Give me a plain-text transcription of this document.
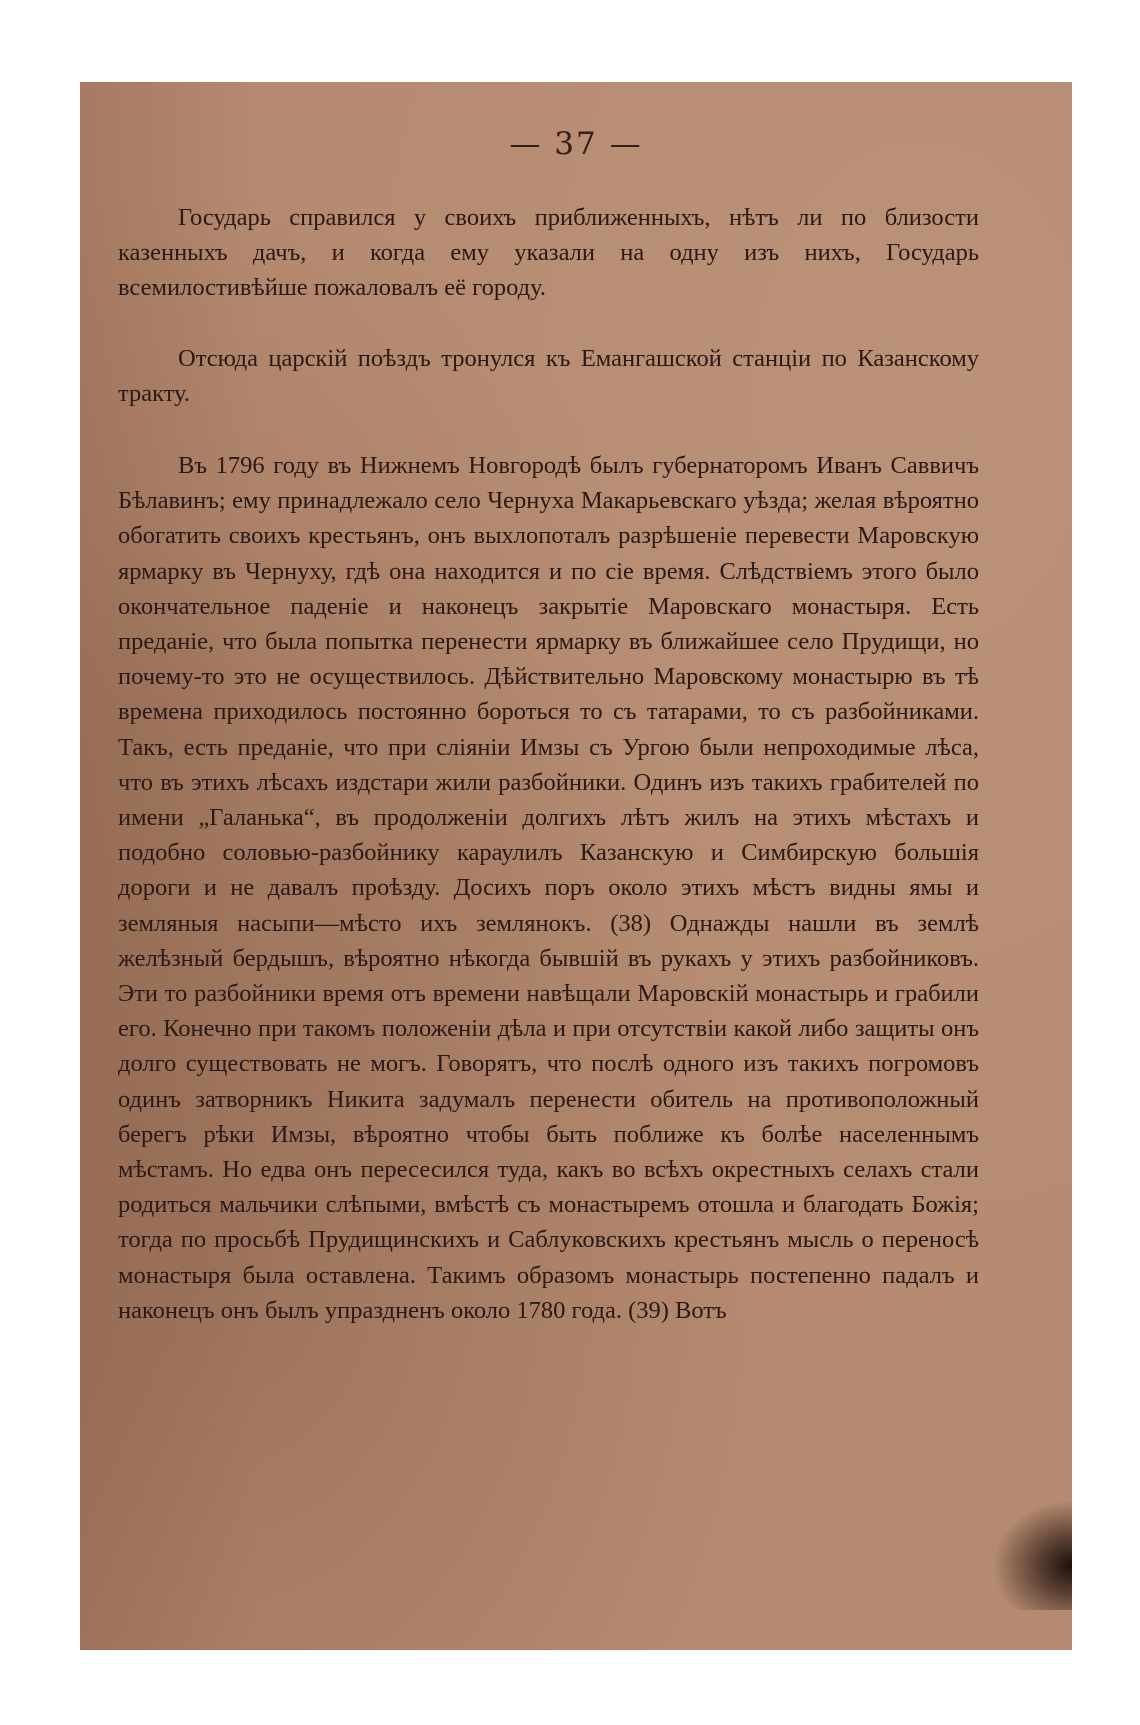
— 37 —

Государь справился у своихъ приближенныхъ, нѣтъ ли по близости казенныхъ дачъ, и когда ему указали на одну изъ нихъ, Государь всемилостивѣйше пожаловалъ её городу.

Отсюда царскій поѣздъ тронулся къ Емангашской станціи по Казанскому тракту.

Въ 1796 году въ Нижнемъ Новгородѣ былъ губернаторомъ Иванъ Саввичъ Бѣлавинъ; ему принадлежало село Чернуха Макарьевскаго уѣзда; желая вѣроятно обогатить своихъ крестьянъ, онъ выхлопоталъ разрѣшеніе перевести Маровскую ярмарку въ Чернуху, гдѣ она находится и по сіе время. Слѣдствіемъ этого было окончательное паденіе и наконецъ закрытіе Маровскаго монастыря. Есть преданіе, что была попытка перенести ярмарку въ ближайшее село Прудищи, но почему-то это не осуществилось. Дѣйствительно Маровскому монастырю въ тѣ времена приходилось постоянно бороться то съ татарами, то съ разбойниками. Такъ, есть преданіе, что при сліяніи Имзы съ Ургою были непроходимые лѣса, что въ этихъ лѣсахъ издстари жили разбойники. Одинъ изъ такихъ грабителей по имени „Галанька“, въ продолженіи долгихъ лѣтъ жилъ на этихъ мѣстахъ и подобно соловью-разбойнику караулилъ Казанскую и Симбирскую большія дороги и не давалъ проѣзду. Досихъ поръ около этихъ мѣстъ видны ямы и земляныя насыпи—мѣсто ихъ землянокъ. (38) Однажды нашли въ землѣ желѣзный бердышъ, вѣроятно нѣкогда бывшій въ рукахъ у этихъ разбойниковъ. Эти то разбойники время отъ времени навѣщали Маровскій монастырь и грабили его. Конечно при такомъ положеніи дѣла и при отсутствіи какой либо защиты онъ долго существовать не могъ. Говорятъ, что послѣ одного изъ такихъ погромовъ одинъ затворникъ Никита задумалъ перенести обитель на противоположный берегъ рѣки Имзы, вѣроятно чтобы быть поближе къ болѣе населеннымъ мѣстамъ. Но едва онъ пересесился туда, какъ во всѣхъ окрестныхъ селахъ стали родиться мальчики слѣпыми, вмѣстѣ съ монастыремъ отошла и благодать Божія; тогда по просьбѣ Прудищинскихъ и Саблуковскихъ крестьянъ мысль о переносѣ монастыря была оставлена. Такимъ образомъ монастырь постепенно падалъ и наконецъ онъ былъ упраздненъ около 1780 года. (39) Вотъ
